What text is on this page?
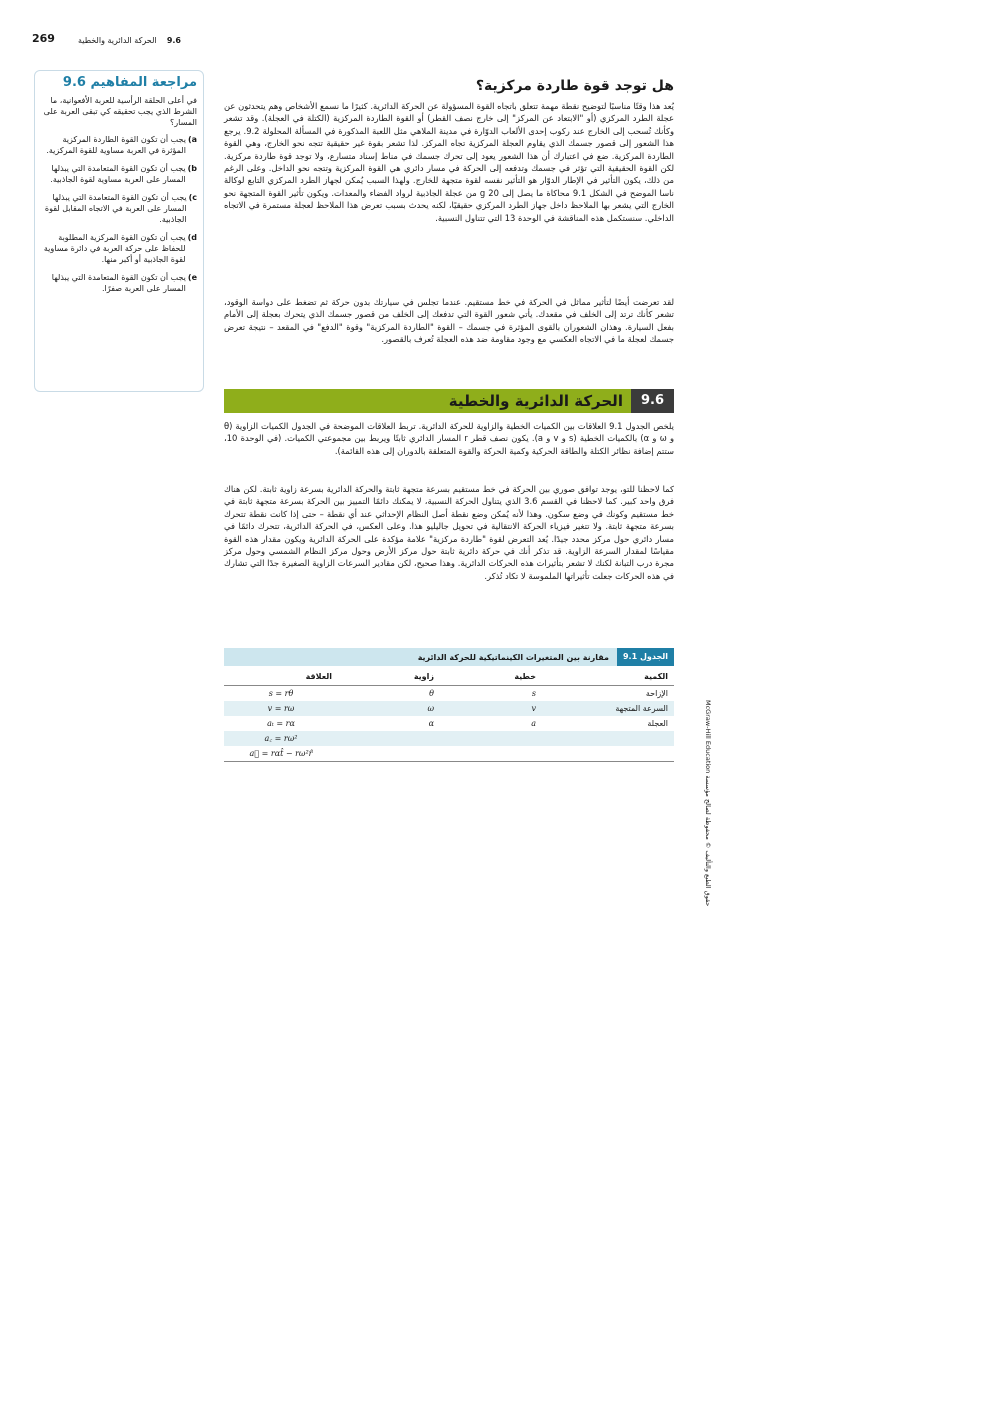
269	9.6    الحركة الدائرية والخطية
مراجعة المفاهيم 9.6
في أعلى الحلقة الرأسية للعربة الأفعوانية، ما الشرط الذي يجب تحقيقه كي تبقى العربة على المسار؟
a)
يجب أن تكون القوة الطاردة المركزية المؤثرة في العربة مساوية للقوة المركزية.
b)
يجب أن تكون القوة المتعامدة التي يبذلها المسار على العربة مساوية لقوة الجاذبية.
c)
يجب أن تكون القوة المتعامدة التي يبذلها المسار على العربة في الاتجاه المقابل لقوة الجاذبية.
d)
يجب أن تكون القوة المركزية المطلوبة للحفاظ على حركة العربة في دائرة مساوية لقوة الجاذبية أو أكبر منها.
e)
يجب أن تكون القوة المتعامدة التي يبذلها المسار على العربة صفرًا.
هل توجد قوة طاردة مركزية؟

يُعد هذا وقتًا مناسبًا لتوضيح نقطة مهمة تتعلق باتجاه القوة المسؤولة عن الحركة الدائرية. كثيرًا ما نسمع الأشخاص وهم يتحدثون عن عجلة الطرد المركزي (أو "الابتعاد عن المركز" إلى خارج نصف القطر) أو القوة الطاردة المركزية (الكتلة في العجلة). وقد تشعر وكأنك تُسحب إلى الخارج عند ركوب إحدى الألعاب الدوّارة في مدينة الملاهي مثل اللعبة المذكورة في المسألة المحلولة 9.2. يرجع هذا الشعور إلى قصور جسمك الذي يقاوم العجلة المركزية تجاه المركز. لذا تشعر بقوة غير حقيقية تتجه نحو الخارج، وهي القوة الطاردة المركزية. ضع في اعتبارك أن هذا الشعور يعود إلى تحرك جسمك في مناط إسناد متسارع، ولا توجد قوة طاردة مركزية. لكن القوة الحقيقية التي تؤثر في جسمك وتدفعه إلى الحركة في مسار دائري هي القوة المركزية وتتجه نحو الداخل. وعلى الرغم من ذلك، يكون التأثير في الإطار الدوّار هو التأثير نفسه لقوة متجهة للخارج. ولهذا السبب يُمكن لجهاز الطرد المركزي التابع لوكالة ناسا الموضح في الشكل 9.1 محاكاة ما يصل إلى 20 g من عجلة الجاذبية لرواد الفضاء والمعدات. ويكون تأثير القوة المتجهة نحو الخارج التي يشعر بها الملاحظ داخل جهاز الطرد المركزي حقيقيًا، لكنه يحدث بسبب تعرض هذا الملاحظ لعجلة مستمرة في الاتجاه الداخلي. سنستكمل هذه المناقشة في الوحدة 13 التي تتناول النسبية.

لقد تعرضت أيضًا لتأثير مماثل في الحركة في خط مستقيم. عندما تجلس في سيارتك بدون حركة ثم تضغط على دواسة الوقود، تشعر كأنك ترتد إلى الخلف في مقعدك. يأتي شعور القوة التي تدفعك إلى الخلف من قصور جسمك الذي يتحرك بعجلة إلى الأمام بفعل السيارة. وهذان الشعوران بالقوى المؤثرة في جسمك – القوة "الطاردة المركزية" وقوة "الدفع" في المقعد – نتيجة تعرض جسمك لعجلة ما في الاتجاه العكسي مع وجود مقاومة ضد هذه العجلة تُعرف بالقصور.

9.6
الحركة الدائرية والخطية

يلخص الجدول 9.1 العلاقات بين الكميات الخطية والزاوية للحركة الدائرية. تربط العلاقات الموضحة في الجدول الكميات الزاوية (θ و ω و α) بالكميات الخطية (s و v و a). يكون نصف قطر r المسار الدائري ثابتًا ويربط بين مجموعتي الكميات. (في الوحدة 10، ستتم إضافة نظائر الكتلة والطاقة الحركية وكمية الحركة والقوة المتعلقة بالدوران إلى هذه القائمة).

كما لاحظنا للتو، يوجد توافق صوري بين الحركة في خط مستقيم بسرعة متجهة ثابتة والحركة الدائرية بسرعة زاوية ثابتة. لكن هناك فرق واحد كبير. كما لاحظنا في القسم 3.6 الذي يتناول الحركة النسبية، لا يمكنك دائمًا التمييز بين الحركة بسرعة متجهة ثابتة في خط مستقيم وكونك في وضع سكون. وهذا لأنه يُمكن وضع نقطة أصل النظام الإحداثي عند أي نقطة – حتى إذا كانت نقطة تتحرك بسرعة متجهة ثابتة. ولا تتغير فيزياء الحركة الانتقالية في تحويل جاليليو هذا. وعلى العكس، في الحركة الدائرية، تتحرك دائمًا في مسار دائري حول مركز محدد جيدًا. يُعد التعرض لقوة "طاردة مركزية" علامة مؤكدة على الحركة الدائرية ويكون مقدار هذه القوة مقياسًا لمقدار السرعة الزاوية. قد تذكر أنك في حركة دائرية ثابتة حول مركز الأرض وحول مركز النظام الشمسي وحول مركز مجرة درب التبانة لكنك لا تشعر بتأثيرات هذه الحركات الدائرية. وهذا صحيح، لكن مقادير السرعات الزاوية الصغيرة جدًا التي تشارك في هذه الحركات جعلت تأثيراتها الملموسة لا تكاد تُذكر.

الجدول 9.1
مقارنة بين المتغيرات الكينماتيكية للحركة الدائرية
الكمية	خطية	زاوية	العلاقة
الإزاحة	s	θ	s = rθ
السرعة المتجهة	v	ω	v = rω
العجلة	a	α	aₜ = rα
			a꜀ = rω²
			a⃗ = rαt̂ − rω²r̂	حقوق الطبع والتأليف © محفوظة لصالح مؤسسة McGraw-Hill Education
